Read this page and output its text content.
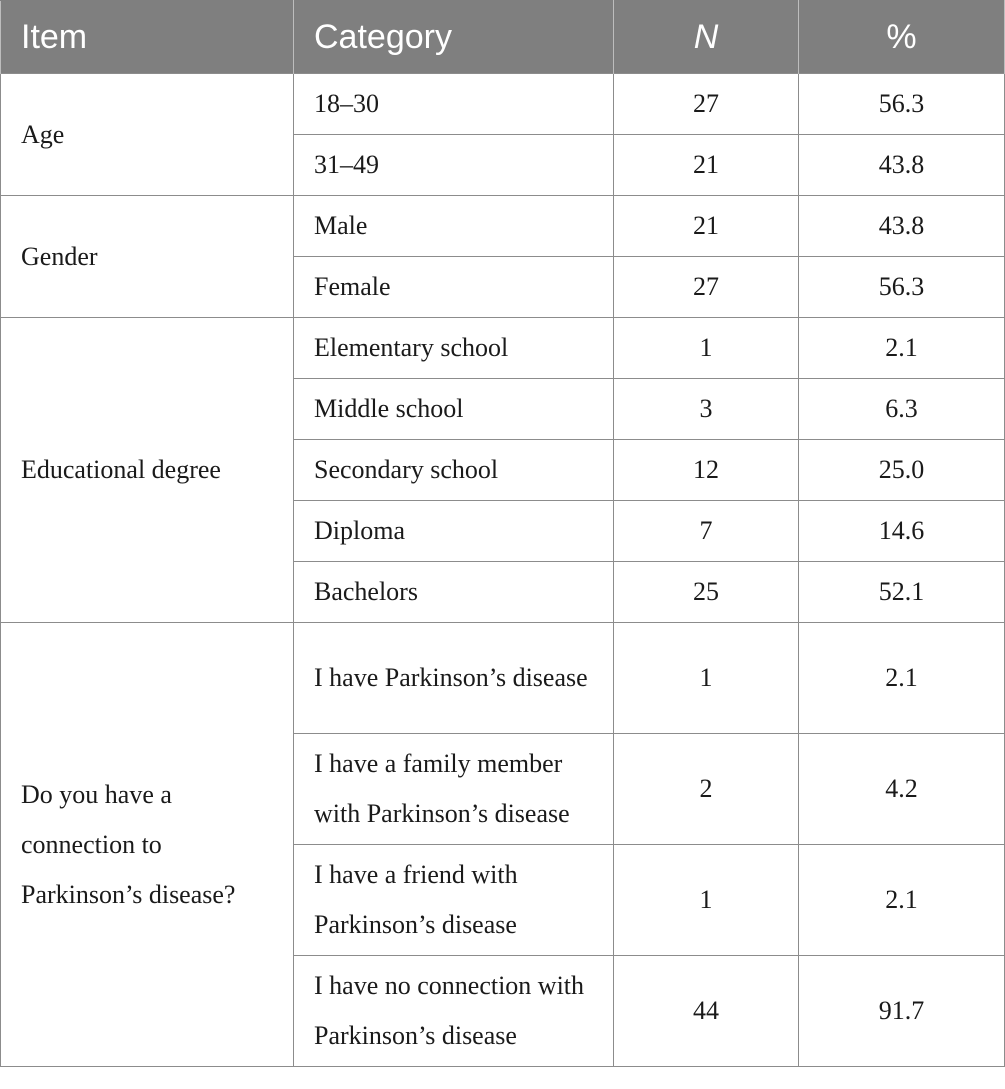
Item	Category	N	%
Age	18–30	27	56.3
	31–49	21	43.8
Gender	Male	21	43.8
	Female	27	56.3
Educational degree	Elementary school	1	2.1
	Middle school	3	6.3
	Secondary school	12	25.0
	Diploma	7	14.6
	Bachelors	25	52.1
Do you have a connection to Parkinson’s disease?	I have Parkinson’s disease	1	2.1
	I have a family member with Parkinson’s disease	2	4.2
	I have a friend with Parkinson’s disease	1	2.1
	I have no connection with Parkinson’s disease	44	91.7
